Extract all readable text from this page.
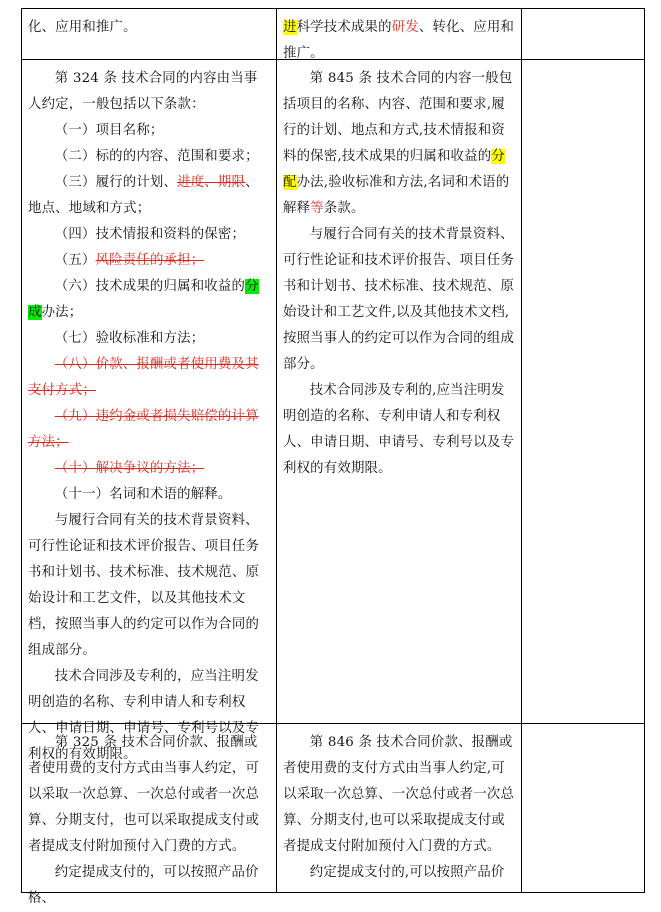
化、应用和推广。	进科学技术成果的研发、转化、应用和推广。

第 324 条 技术合同的内容由当事人约定，一般包括以下条款：

（一）项目名称；

（二）标的的内容、范围和要求；

（三）履行的计划、进度、期限、地点、地域和方式；

（四）技术情报和资料的保密；

（五）风险责任的承担；

（六）技术成果的归属和收益的分成办法；

（七）验收标准和方法；

（八）价款、报酬或者使用费及其支付方式；

（九）违约金或者损失赔偿的计算方法；

（十）解决争议的方法；

（十一）名词和术语的解释。

与履行合同有关的技术背景资料、可行性论证和技术评价报告、项目任务书和计划书、技术标准、技术规范、原始设计和工艺文件，以及其他技术文档，按照当事人的约定可以作为合同的组成部分。

技术合同涉及专利的，应当注明发明创造的名称、专利申请人和专利权人、申请日期、申请号、专利号以及专利权的有效期限。

第 845 条 技术合同的内容一般包括项目的名称、内容、范围和要求,履行的计划、地点和方式,技术情报和资料的保密,技术成果的归属和收益的分配办法,验收标准和方法,名词和术语的解释等条款。

与履行合同有关的技术背景资料、可行性论证和技术评价报告、项目任务书和计划书、技术标准、技术规范、原始设计和工艺文件,以及其他技术文档,按照当事人的约定可以作为合同的组成部分。

技术合同涉及专利的,应当注明发明创造的名称、专利申请人和专利权人、申请日期、申请号、专利号以及专利权的有效期限。

第 325 条 技术合同价款、报酬或者使用费的支付方式由当事人约定，可以采取一次总算、一次总付或者一次总算、分期支付，也可以采取提成支付或者提成支付附加预付入门费的方式。

约定提成支付的，可以按照产品价格、

第 846 条 技术合同价款、报酬或者使用费的支付方式由当事人约定,可以采取一次总算、一次总付或者一次总算、分期支付,也可以采取提成支付或者提成支付附加预付入门费的方式。

约定提成支付的,可以按照产品价
